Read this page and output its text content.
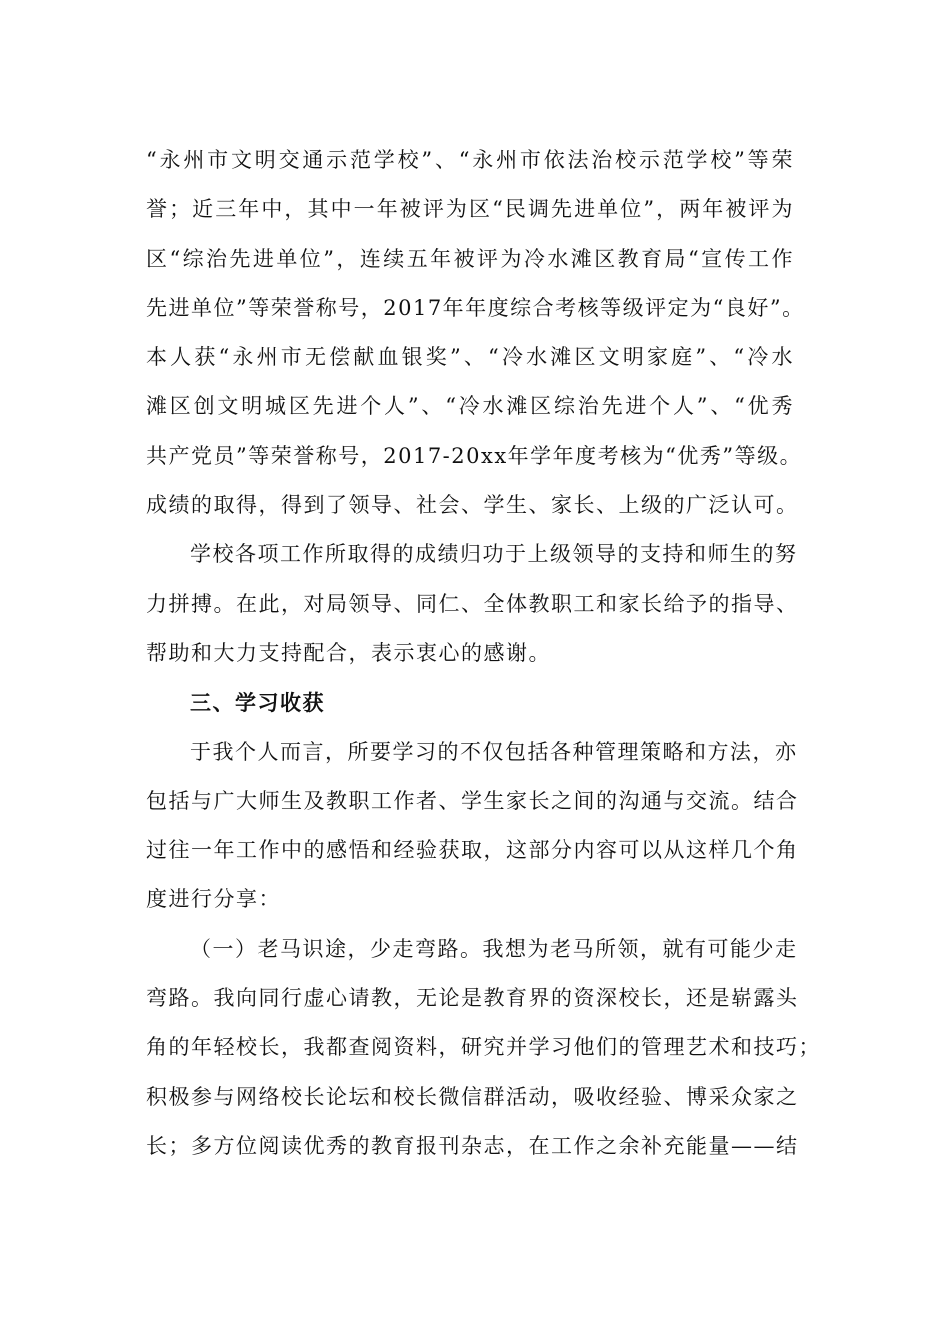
“永州市文明交通示范学校”、“永州市依法治校示范学校”等荣
誉；近三年中，其中一年被评为区“民调先进单位”，两年被评为
区“综治先进单位”，连续五年被评为冷水滩区教育局“宣传工作
先进单位”等荣誉称号，2017年年度综合考核等级评定为“良好”。
本人获“永州市无偿献血银奖”、“冷水滩区文明家庭”、“冷水
滩区创文明城区先进个人”、“冷水滩区综治先进个人”、“优秀
共产党员”等荣誉称号，2017-20xx年学年度考核为“优秀”等级。
成绩的取得，得到了领导、社会、学生、家长、上级的广泛认可。
学校各项工作所取得的成绩归功于上级领导的支持和师生的努
力拼搏。在此，对局领导、同仁、全体教职工和家长给予的指导、
帮助和大力支持配合，表示衷心的感谢。
三、学习收获
于我个人而言，所要学习的不仅包括各种管理策略和方法，亦
包括与广大师生及教职工作者、学生家长之间的沟通与交流。结合
过往一年工作中的感悟和经验获取，这部分内容可以从这样几个角
度进行分享：
（一）老马识途，少走弯路。我想为老马所领，就有可能少走
弯路。我向同行虚心请教，无论是教育界的资深校长，还是崭露头
角的年轻校长，我都查阅资料，研究并学习他们的管理艺术和技巧；
积极参与网络校长论坛和校长微信群活动，吸收经验、博采众家之
长；多方位阅读优秀的教育报刊杂志，在工作之余补充能量——结
